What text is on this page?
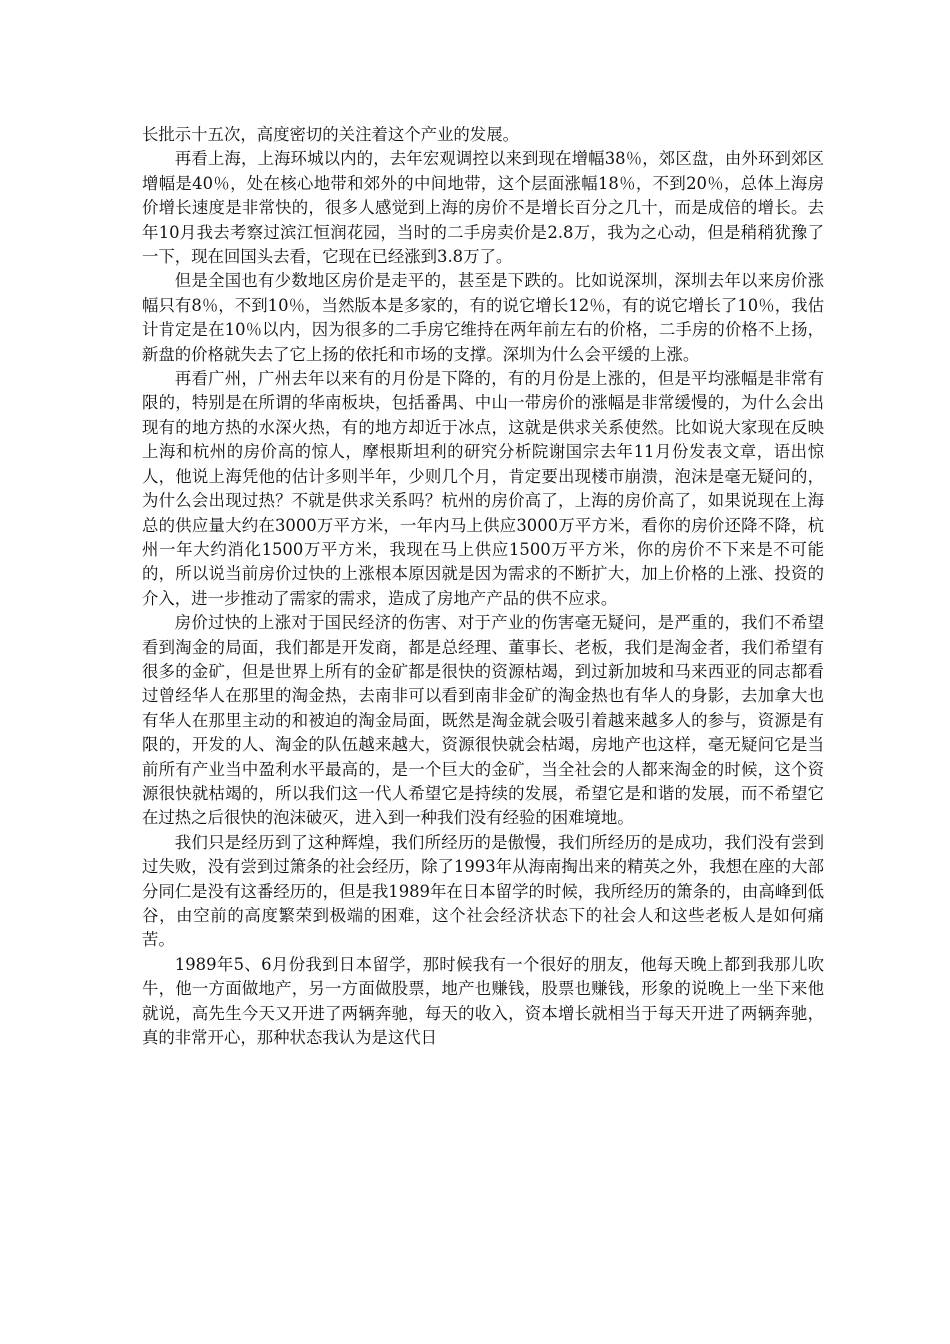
长批示十五次，高度密切的关注着这个产业的发展。

再看上海，上海环城以内的，去年宏观调控以来到现在增幅38％，郊区盘，由外环到郊区增幅是40％，处在核心地带和郊外的中间地带，这个层面涨幅18％，不到20％，总体上海房价增长速度是非常快的，很多人感觉到上海的房价不是增长百分之几十，而是成倍的增长。去年10月我去考察过滨江恒润花园，当时的二手房卖价是2.8万，我为之心动，但是稍稍犹豫了一下，现在回国头去看，它现在已经涨到3.8万了。

但是全国也有少数地区房价是走平的，甚至是下跌的。比如说深圳，深圳去年以来房价涨幅只有8％，不到10％，当然版本是多家的，有的说它增长12％，有的说它增长了10％，我估计肯定是在10％以内，因为很多的二手房它维持在两年前左右的价格，二手房的价格不上扬，新盘的价格就失去了它上扬的依托和市场的支撑。深圳为什么会平缓的上涨。

再看广州，广州去年以来有的月份是下降的，有的月份是上涨的，但是平均涨幅是非常有限的，特别是在所谓的华南板块，包括番禺、中山一带房价的涨幅是非常缓慢的，为什么会出现有的地方热的水深火热，有的地方却近于冰点，这就是供求关系使然。比如说大家现在反映上海和杭州的房价高的惊人，摩根斯坦利的研究分析院谢国宗去年11月份发表文章，语出惊人，他说上海凭他的估计多则半年，少则几个月，肯定要出现楼市崩溃，泡沫是毫无疑问的，为什么会出现过热？不就是供求关系吗？杭州的房价高了，上海的房价高了，如果说现在上海总的供应量大约在3000万平方米，一年内马上供应3000万平方米，看你的房价还降不降，杭州一年大约消化1500万平方米，我现在马上供应1500万平方米，你的房价不下来是不可能的，所以说当前房价过快的上涨根本原因就是因为需求的不断扩大，加上价格的上涨、投资的介入，进一步推动了需家的需求，造成了房地产产品的供不应求。

房价过快的上涨对于国民经济的伤害、对于产业的伤害毫无疑问，是严重的，我们不希望看到淘金的局面，我们都是开发商，都是总经理、董事长、老板，我们是淘金者，我们希望有很多的金矿，但是世界上所有的金矿都是很快的资源枯竭，到过新加坡和马来西亚的同志都看过曾经华人在那里的淘金热，去南非可以看到南非金矿的淘金热也有华人的身影，去加拿大也有华人在那里主动的和被迫的淘金局面，既然是淘金就会吸引着越来越多人的参与，资源是有限的，开发的人、淘金的队伍越来越大，资源很快就会枯竭，房地产也这样，毫无疑问它是当前所有产业当中盈利水平最高的，是一个巨大的金矿，当全社会的人都来淘金的时候，这个资源很快就枯竭的，所以我们这一代人希望它是持续的发展，希望它是和谐的发展，而不希望它在过热之后很快的泡沫破灭，进入到一种我们没有经验的困难境地。

我们只是经历到了这种辉煌，我们所经历的是傲慢，我们所经历的是成功，我们没有尝到过失败，没有尝到过箫条的社会经历，除了1993年从海南掏出来的精英之外，我想在座的大部分同仁是没有这番经历的，但是我1989年在日本留学的时候，我所经历的箫条的，由高峰到低谷，由空前的高度繁荣到极端的困难，这个社会经济状态下的社会人和这些老板人是如何痛苦。

1989年5、6月份我到日本留学，那时候我有一个很好的朋友，他每天晚上都到我那儿吹牛，他一方面做地产，另一方面做股票，地产也赚钱，股票也赚钱，形象的说晚上一坐下来他就说，高先生今天又开进了两辆奔驰，每天的收入，资本增长就相当于每天开进了两辆奔驰，真的非常开心，那种状态我认为是这代日
